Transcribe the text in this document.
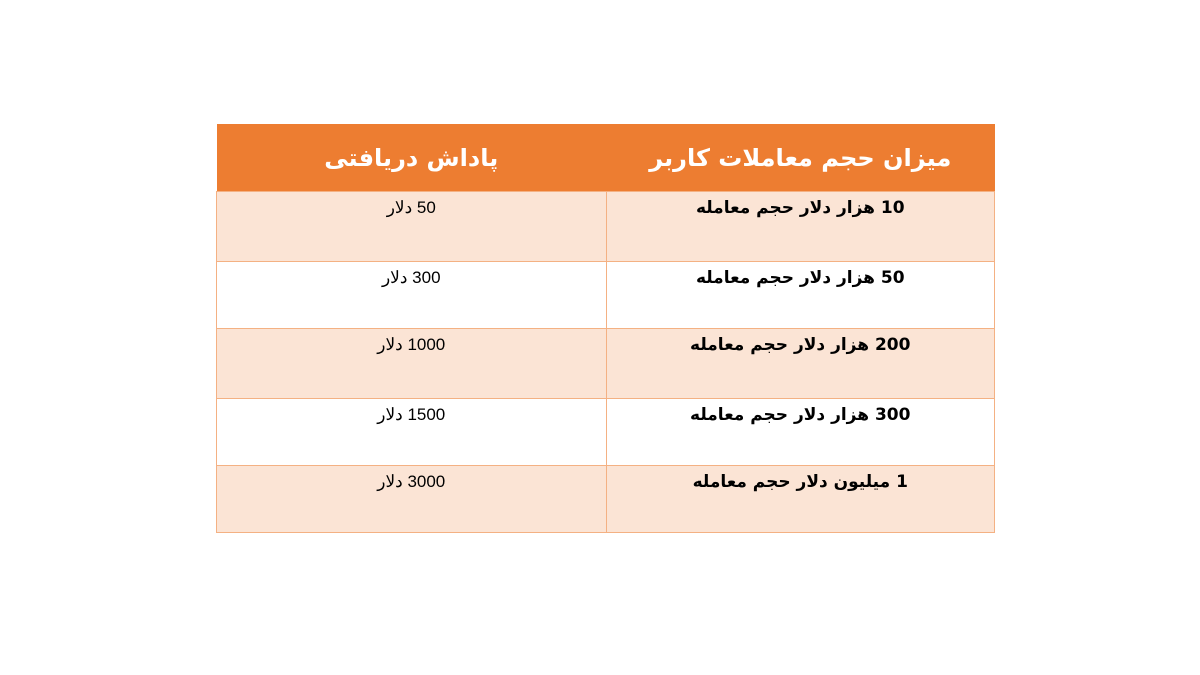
میزان حجم معاملات کاربر	پاداش دریافتی
10 هزار دلار حجم معامله	50 دلار
50 هزار دلار حجم معامله	300 دلار
200 هزار دلار حجم معامله	1000 دلار
300 هزار دلار حجم معامله	1500 دلار
1 میلیون دلار حجم معامله	3000 دلار
